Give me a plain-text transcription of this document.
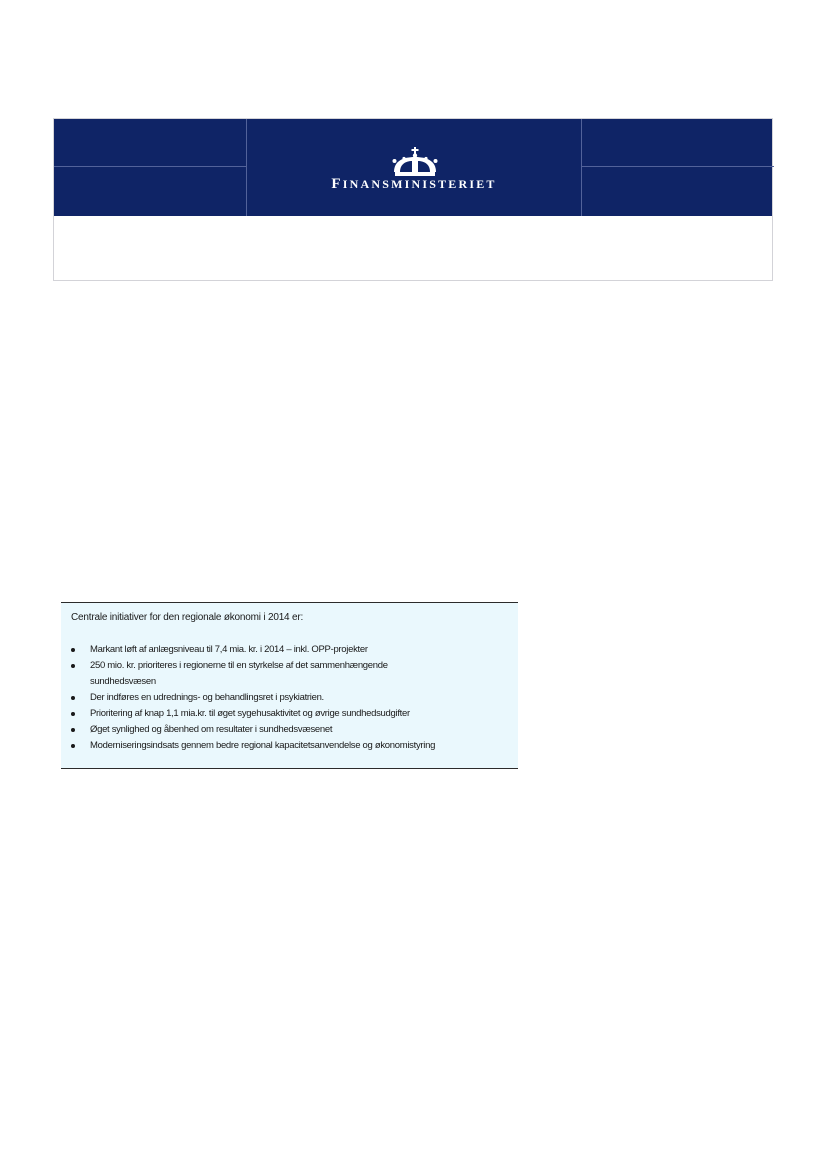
FINANSMINISTERIET
Centrale initiativer for den regionale økonomi i 2014 er:
Markant løft af anlægsniveau til 7,4 mia. kr. i 2014 – inkl. OPP-projekter
250 mio. kr. prioriteres i regionerne til en styrkelse af det sammenhængende
sundhedsvæsen
Der indføres en udrednings- og behandlingsret i psykiatrien.
Prioritering af knap 1,1 mia.kr. til øget sygehusaktivitet og øvrige sundhedsudgifter
Øget synlighed og åbenhed om resultater i sundhedsvæsenet
Moderniseringsindsats gennem bedre regional kapacitetsanvendelse og økonomistyring
